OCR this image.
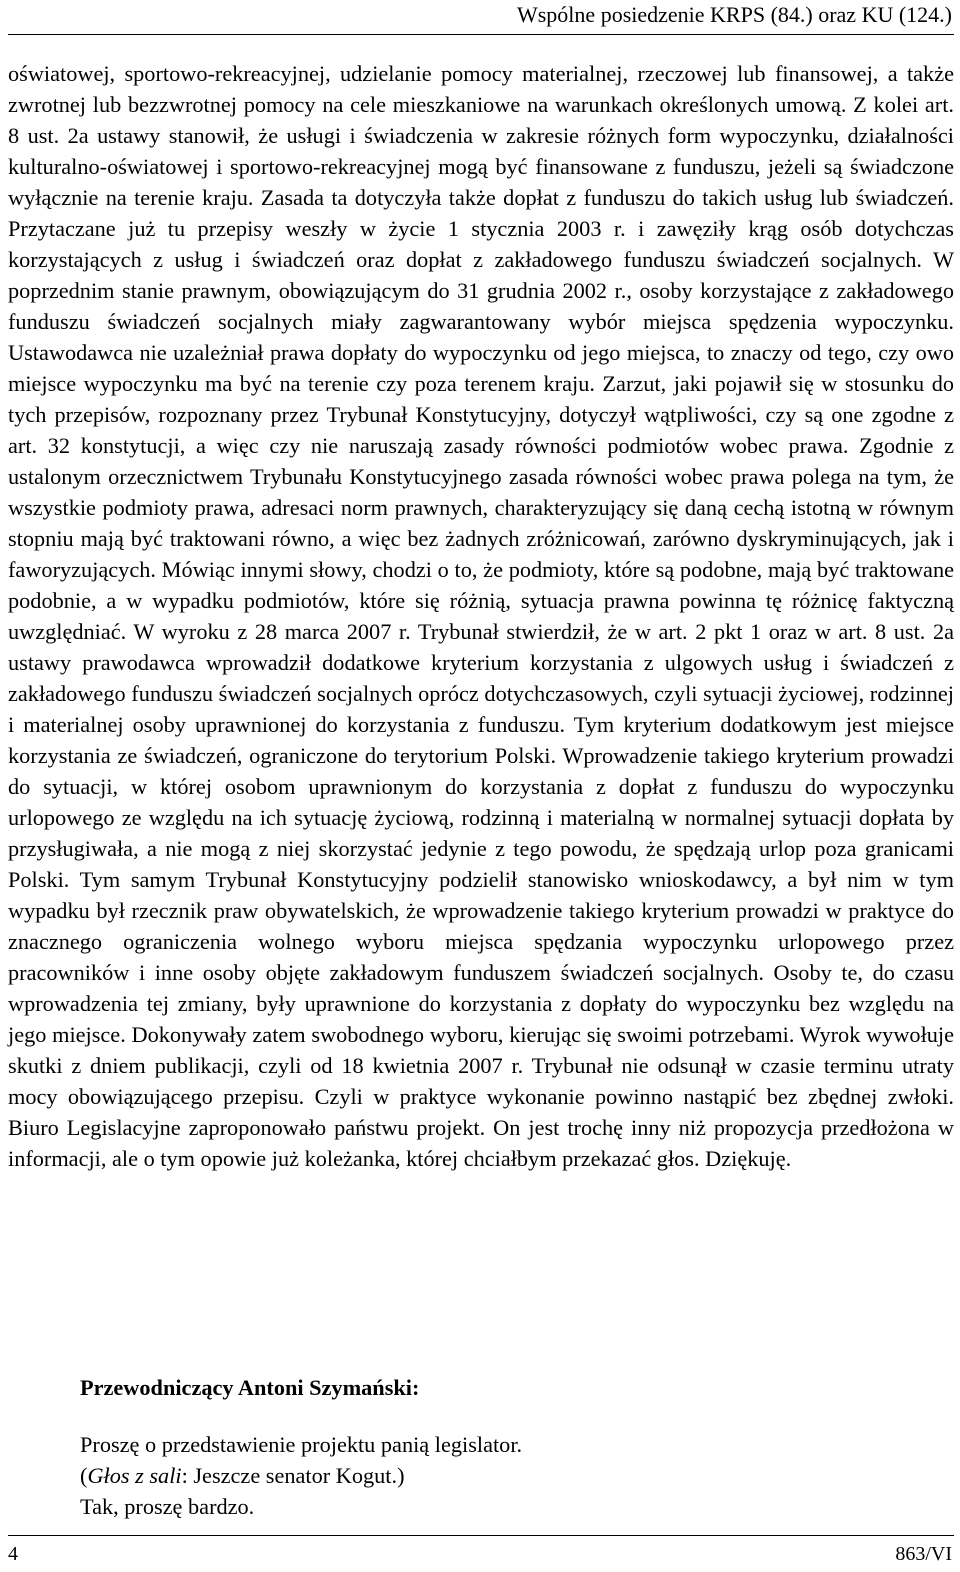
Wspólne posiedzenie KRPS (84.) oraz KU (124.)

oświatowej, sportowo-rekreacyjnej, udzielanie pomocy materialnej, rzeczowej lub finansowej, a także zwrotnej lub bezzwrotnej pomocy na cele mieszkaniowe na warunkach określonych umową. Z kolei art. 8 ust. 2a ustawy stanowił, że usługi i świadczenia w zakresie różnych form wypoczynku, działalności kulturalno-oświatowej i sportowo-rekreacyjnej mogą być finansowane z funduszu, jeżeli są świadczone wyłącznie na terenie kraju. Zasada ta dotyczyła także dopłat z funduszu do takich usług lub świadczeń. Przytaczane już tu przepisy weszły w życie 1 stycznia 2003 r. i zawęziły krąg osób dotychczas korzystających z usług i świadczeń oraz dopłat z zakładowego funduszu świadczeń socjalnych. W poprzednim stanie prawnym, obowiązującym do 31 grudnia 2002 r., osoby korzystające z zakładowego funduszu świadczeń socjalnych miały zagwarantowany wybór miejsca spędzenia wypoczynku. Ustawodawca nie uzależniał prawa dopłaty do wypoczynku od jego miejsca, to znaczy od tego, czy owo miejsce wypoczynku ma być na terenie czy poza terenem kraju. Zarzut, jaki pojawił się w stosunku do tych przepisów, rozpoznany przez Trybunał Konstytucyjny, dotyczył wątpliwości, czy są one zgodne z art. 32 konstytucji, a więc czy nie naruszają zasady równości podmiotów wobec prawa. Zgodnie z ustalonym orzecznictwem Trybunału Konstytucyjnego zasada równości wobec prawa polega na tym, że wszystkie podmioty prawa, adresaci norm prawnych, charakteryzujący się daną cechą istotną w równym stopniu mają być traktowani równo, a więc bez żadnych zróżnicowań, zarówno dyskryminujących, jak i faworyzujących. Mówiąc innymi słowy, chodzi o to, że podmioty, które są podobne, mają być traktowane podobnie, a w wypadku podmiotów, które się różnią, sytuacja prawna powinna tę różnicę faktyczną uwzględniać. W wyroku z 28 marca 2007 r. Trybunał stwierdził, że w art. 2 pkt 1 oraz w art. 8 ust. 2a ustawy prawodawca wprowadził dodatkowe kryterium korzystania z ulgowych usług i świadczeń z zakładowego funduszu świadczeń socjalnych oprócz dotychczasowych, czyli sytuacji życiowej, rodzinnej i materialnej osoby uprawnionej do korzystania z funduszu. Tym kryterium dodatkowym jest miejsce korzystania ze świadczeń, ograniczone do terytorium Polski. Wprowadzenie takiego kryterium prowadzi do sytuacji, w której osobom uprawnionym do korzystania z dopłat z funduszu do wypoczynku urlopowego ze względu na ich sytuację życiową, rodzinną i materialną w normalnej sytuacji dopłata by przysługiwała, a nie mogą z niej skorzystać jedynie z tego powodu, że spędzają urlop poza granicami Polski. Tym samym Trybunał Konstytucyjny podzielił stanowisko wnioskodawcy, a był nim w tym wypadku był rzecznik praw obywatelskich, że wprowadzenie takiego kryterium prowadzi w praktyce do znacznego ograniczenia wolnego wyboru miejsca spędzania wypoczynku urlopowego przez pracowników i inne osoby objęte zakładowym funduszem świadczeń socjalnych. Osoby te, do czasu wprowadzenia tej zmiany, były uprawnione do korzystania z dopłaty do wypoczynku bez względu na jego miejsce. Dokonywały zatem swobodnego wyboru, kierując się swoimi potrzebami. Wyrok wywołuje skutki z dniem publikacji, czyli od 18 kwietnia 2007 r. Trybunał nie odsunął w czasie terminu utraty mocy obowiązującego przepisu. Czyli w praktyce wykonanie powinno nastąpić bez zbędnej zwłoki. Biuro Legislacyjne zaproponowało państwu projekt. On jest trochę inny niż propozycja przedłożona w informacji, ale o tym opowie już koleżanka, której chciałbym przekazać głos. Dziękuję.

Przewodniczący Antoni Szymański:

Proszę o przedstawienie projektu panią legislator.
(Głos z sali: Jeszcze senator Kogut.)
Tak, proszę bardzo.
4	863/VI
